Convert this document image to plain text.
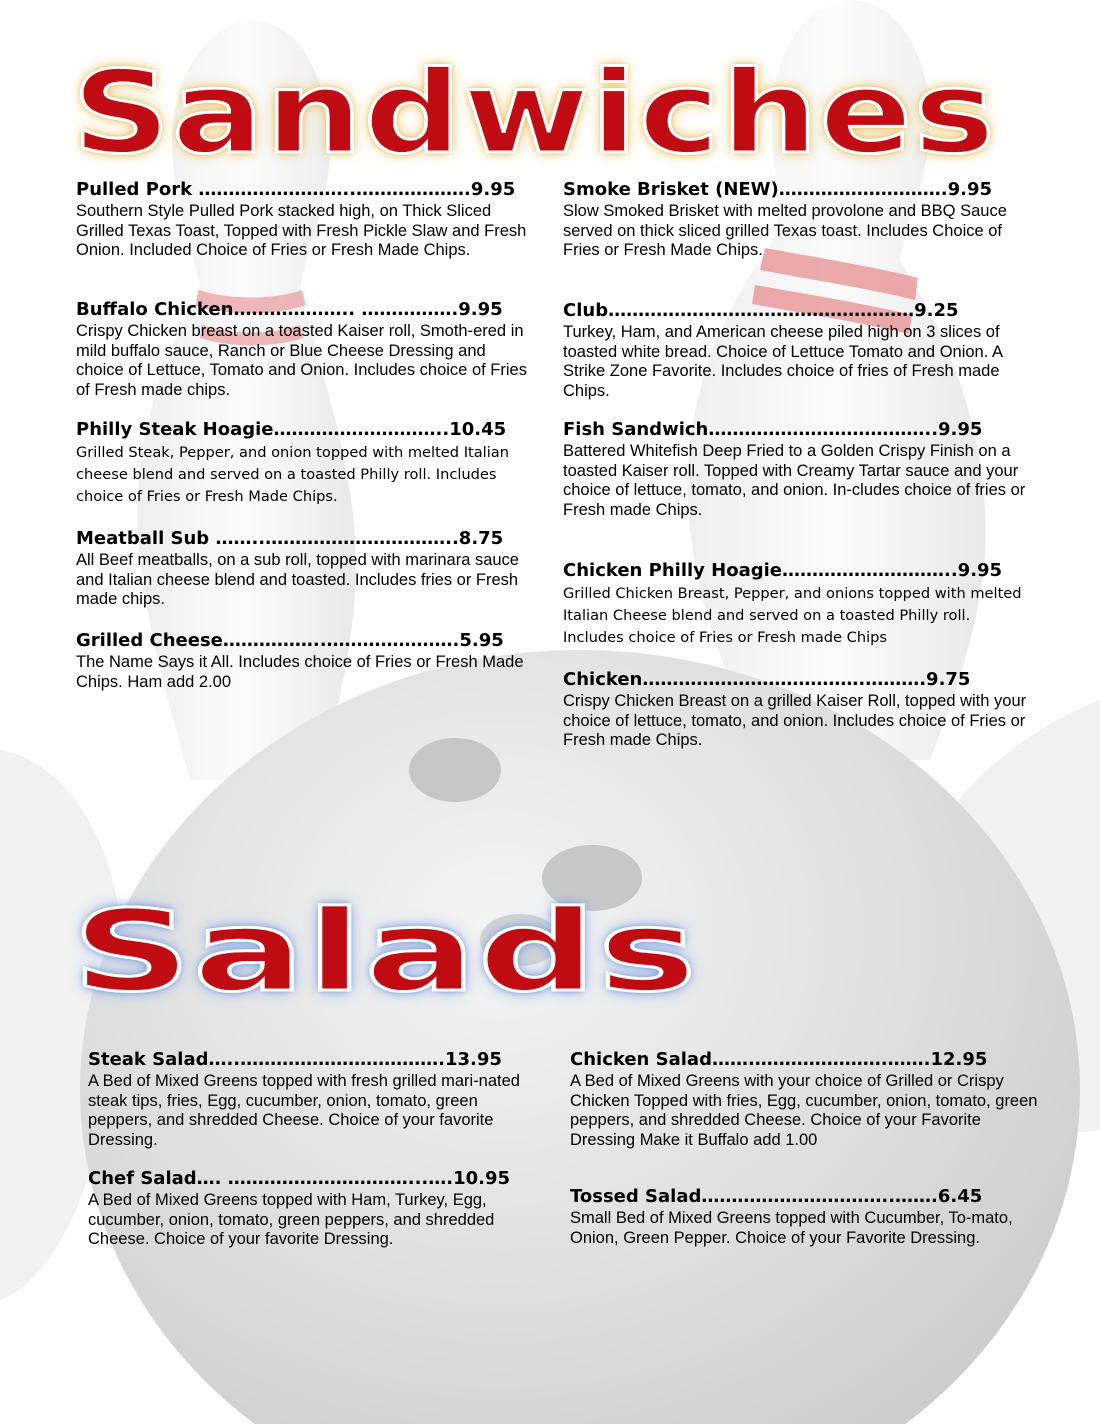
Sandwiches
Pulled Pork ……………………..……………….9.95
Southern Style Pulled Pork stacked high, on Thick Sliced Grilled Texas Toast, Topped with Fresh Pickle Slaw and Fresh Onion. Included Choice of Fries or Fresh Made Chips.
Buffalo Chicken……………….. …………….9.95
Crispy Chicken breast on a toasted Kaiser roll, Smoth-ered in mild buffalo sauce, Ranch or Blue Cheese Dressing and choice of Lettuce, Tomato and Onion. Includes choice of Fries of Fresh made chips.
Philly Steak Hoagie………………………..10.45
Grilled Steak, Pepper, and onion topped with melted Italian cheese blend and served on a toasted Philly roll. Includes choice of Fries or Fresh Made Chips.
Meatball Sub ……..…………………………..8.75
All Beef meatballs, on a sub roll, topped with marinara sauce and Italian cheese blend and toasted. Includes fries or Fresh made chips.
Grilled Cheese……………..………………….5.95
The Name Says it All. Includes choice of Fries or Fresh Made Chips. Ham add 2.00
Smoke Brisket (NEW)……………………….9.95
Slow Smoked Brisket with melted provolone and BBQ Sauce served on thick sliced grilled Texas toast. Includes Choice of Fries or Fresh Made Chips.
Club……………………………………………9.25
Turkey, Ham, and American cheese piled high on 3 slices of toasted white bread. Choice of Lettuce Tomato and Onion. A Strike Zone Favorite. Includes choice of fries of Fresh made Chips.
Fish Sandwich………………………………..9.95
Battered Whitefish Deep Fried to a Golden Crispy Finish on a toasted Kaiser roll. Topped with Creamy Tartar sauce and your choice of lettuce, tomato, and onion. In-cludes choice of fries or Fresh made Chips.
Chicken Philly Hoagie………………………..9.95
Grilled Chicken Breast, Pepper, and onions topped with melted Italian Cheese blend and served on a toasted Philly roll. Includes choice of Fries or Fresh made Chips
Chicken……………………………….……….9.75
Crispy Chicken Breast on a grilled Kaiser Roll, topped with your choice of lettuce, tomato, and onion. Includes choice of Fries or Fresh made Chips.
Salads
Steak Salad…..…………………………….13.95
A Bed of Mixed Greens topped with fresh grilled mari-nated steak tips, fries, Egg, cucumber, onion, tomato, green peppers, and shredded Cheese. Choice of your favorite Dressing.
Chef Salad…. …………………………...….10.95
A Bed of Mixed Greens topped with Ham, Turkey, Egg, cucumber, onion, tomato, green peppers, and shredded Cheese. Choice of your favorite Dressing.
Chicken Salad…….………………….…….12.95
A Bed of Mixed Greens with your choice of Grilled or Crispy Chicken Topped with fries, Egg, cucumber, onion, tomato, green peppers, and shredded Cheese. Choice of your Favorite Dressing Make it Buffalo add 1.00
Tossed Salad…………………………..…….6.45
Small Bed of Mixed Greens topped with Cucumber, To-mato, Onion, Green Pepper. Choice of your Favorite Dressing.
